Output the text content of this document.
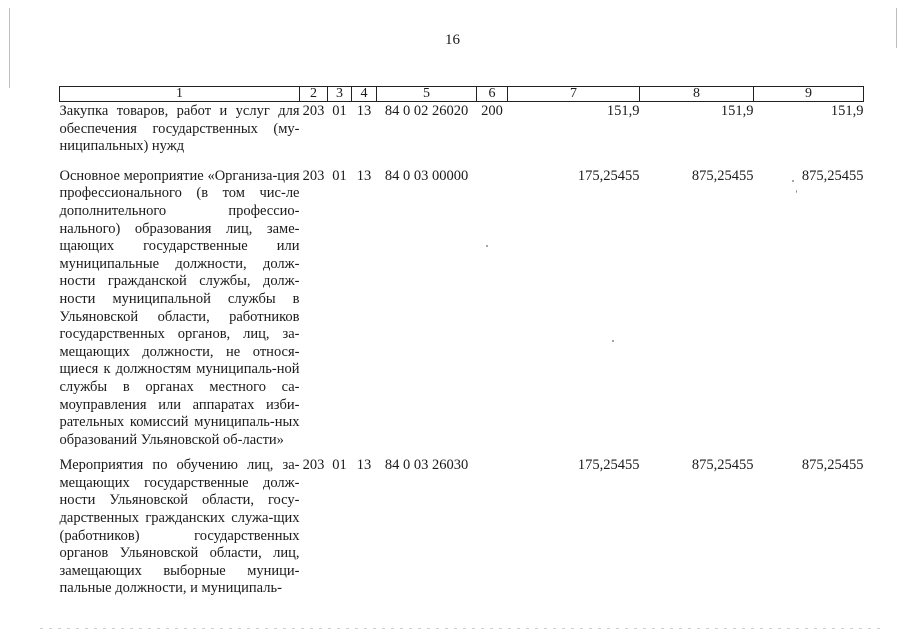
16
1	2	3	4	5	6	7	8	9
Закупка товаров, работ и услуг для обеспечения государственных (му-ниципальных) нужд	203	01	13	84 0 02 26020	200	151,9	151,9	151,9
Основное мероприятие «Организа-ция профессионального (в том чис-ле дополнительного профессио-нального) образования лиц, заме-щающих государственные или муниципальные должности, долж-ности гражданской службы, долж-ности муниципальной службы в Ульяновской области, работников государственных органов, лиц, за-мещающих должности, не относя-щиеся к должностям муниципаль-ной службы в органах местного са-моуправления или аппаратах изби-рательных комиссий муниципаль-ных образований Ульяновской об-ласти»	203	01	13	84 0 03 00000		175,25455	875,25455	875,25455
Мероприятия по обучению лиц, за-мещающих государственные долж-ности Ульяновской области, госу-дарственных гражданских служа-щих (работников) государственных органов Ульяновской области, лиц, замещающих выборные муници-пальные должности, и муниципаль-	203	01	13	84 0 03 26030		175,25455	875,25455	875,25455
